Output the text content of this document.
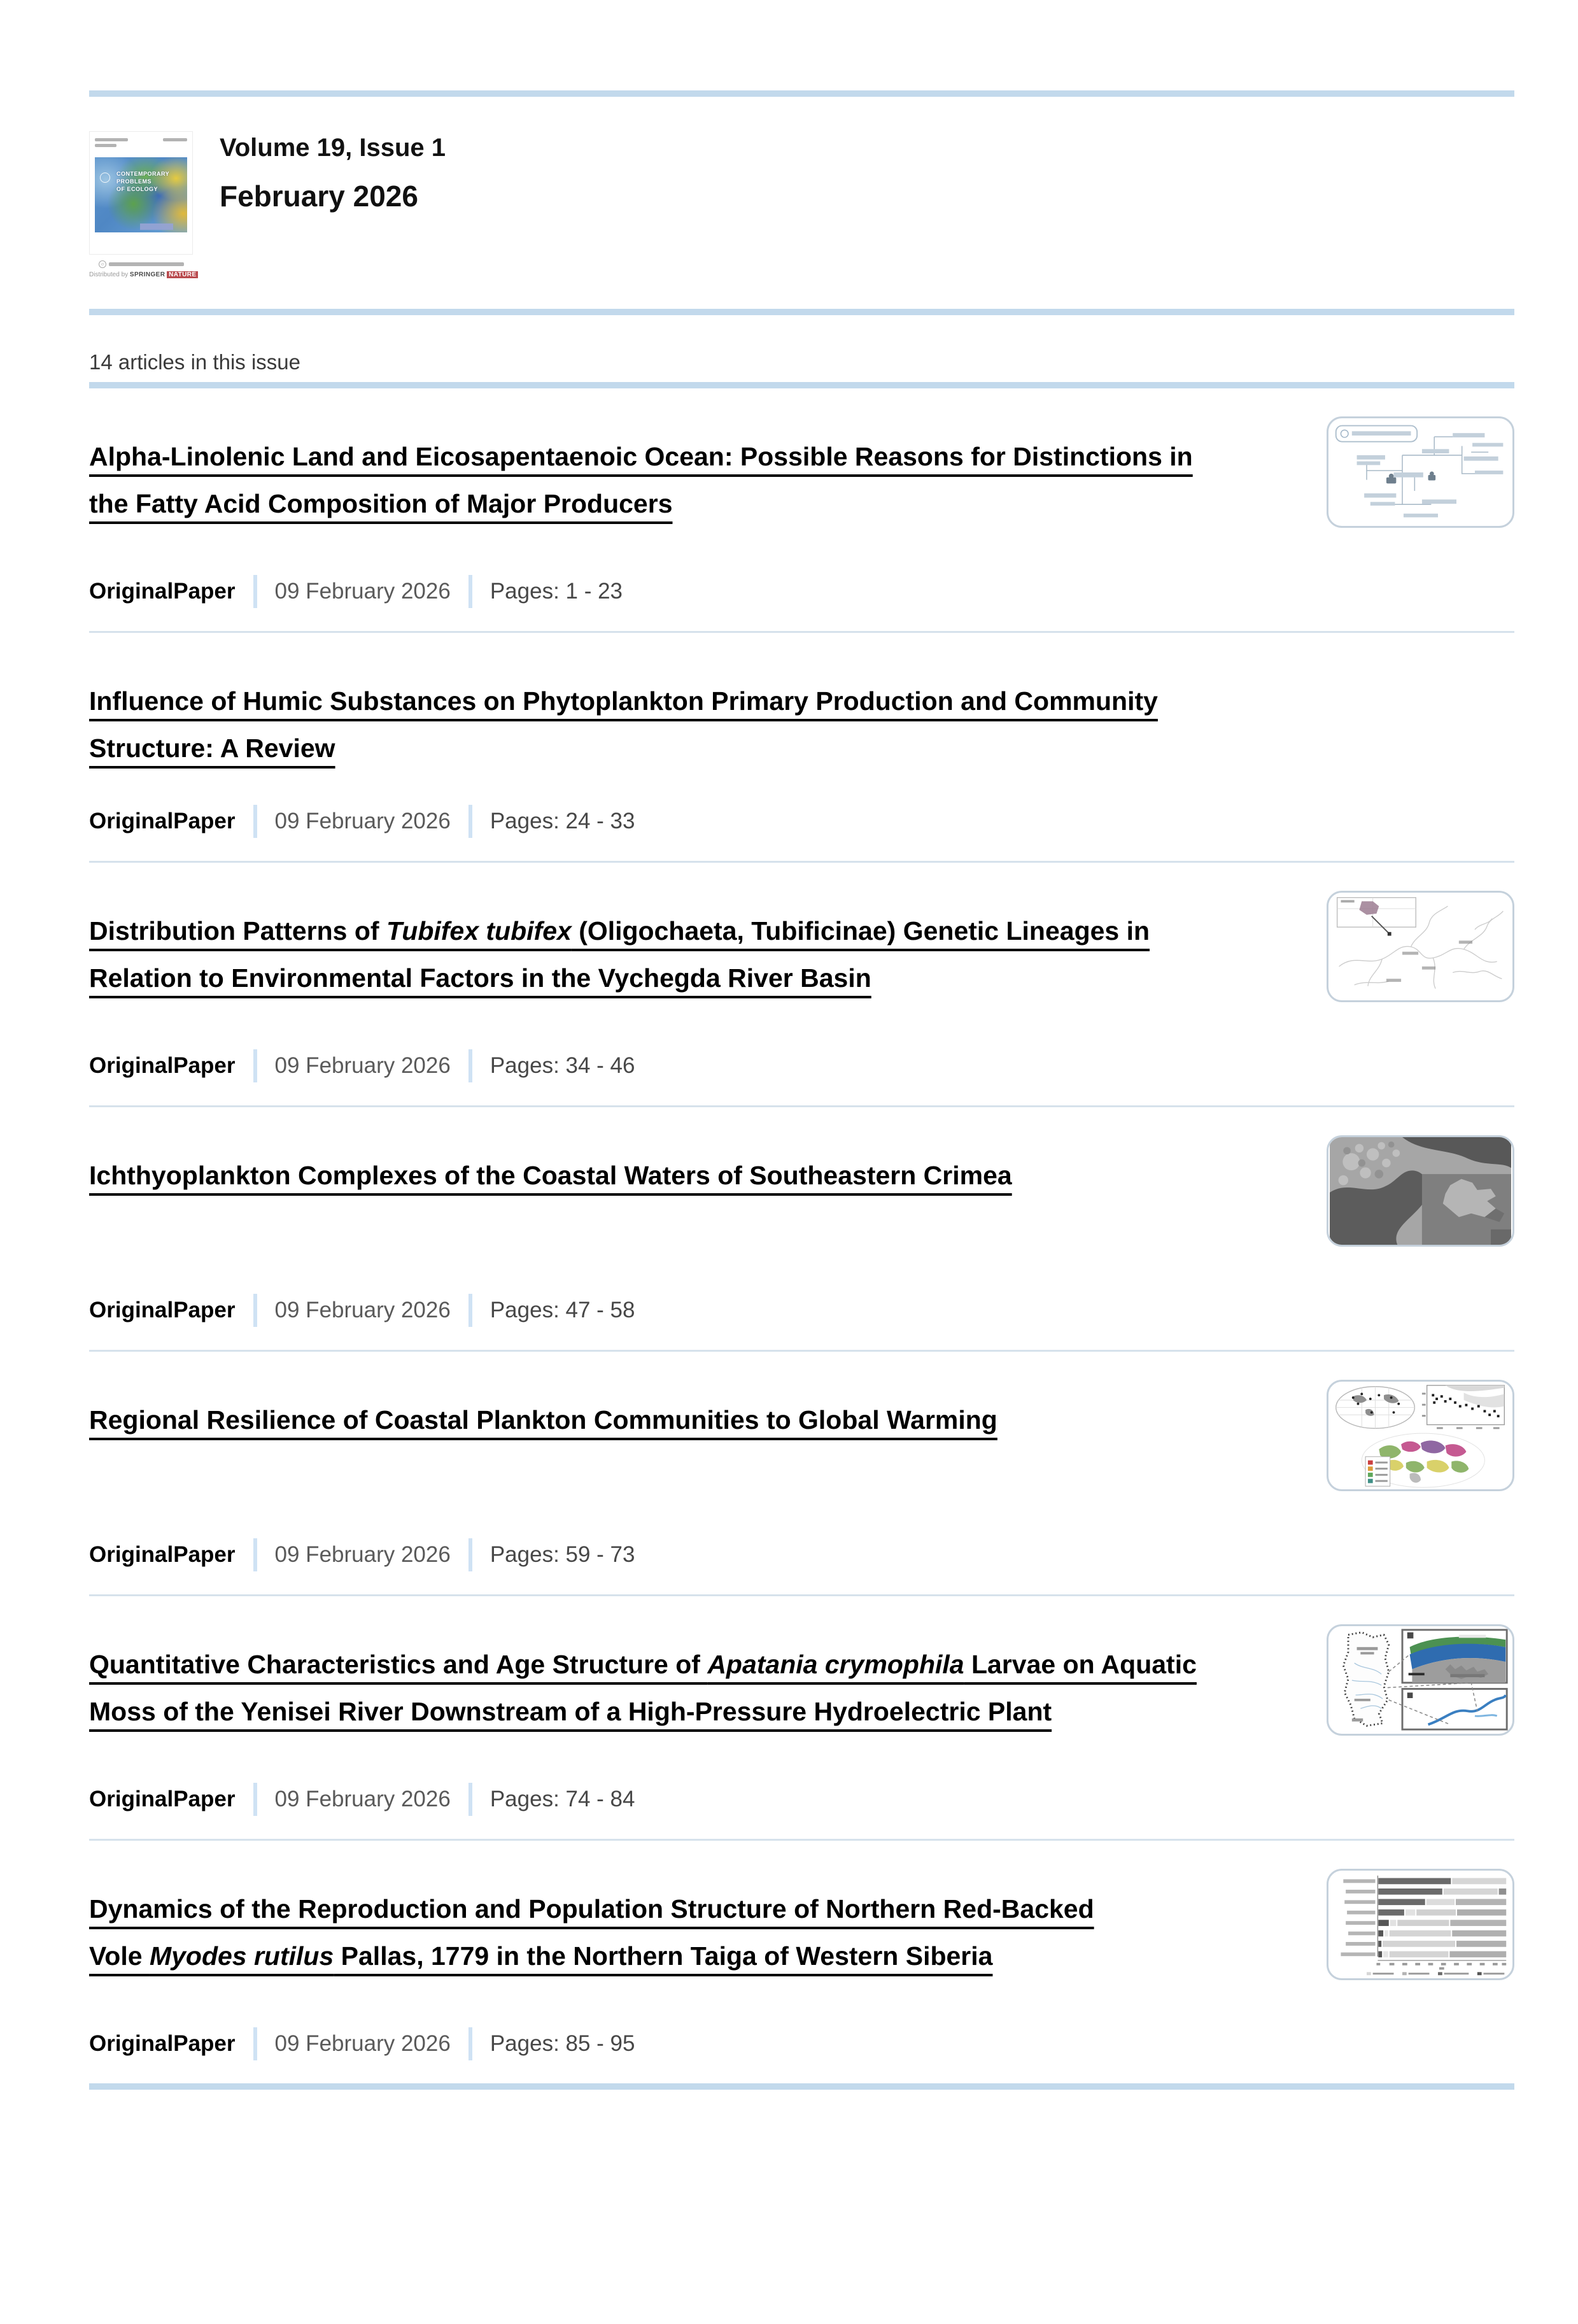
CONTEMPORARY
PROBLEMS
OF ECOLOGY
Distributed by SPRINGER NATURE
Volume 19, Issue 1
February 2026
14 articles in this issue
Alpha-Linolenic Land and Eicosapentaenoic Ocean: Possible Reasons for Distinctions in
the Fatty Acid Composition of Major Producers
OriginalPaper 09 February 2026 Pages: 1 - 23
Influence of Humic Substances on Phytoplankton Primary Production and Community Structure: A Review
OriginalPaper 09 February 2026 Pages: 24 - 33
Distribution Patterns of Tubifex tubifex (Oligochaeta, Tubificinae) Genetic Lineages in
Relation to Environmental Factors in the Vychegda River Basin
OriginalPaper 09 February 2026 Pages: 34 - 46
Ichthyoplankton Complexes of the Coastal Waters of Southeastern Crimea
OriginalPaper 09 February 2026 Pages: 47 - 58
Regional Resilience of Coastal Plankton Communities to Global Warming
OriginalPaper 09 February 2026 Pages: 59 - 73
Quantitative Characteristics and Age Structure of Apatania crymophila Larvae on Aquatic
Moss of the Yenisei River Downstream of a High-Pressure Hydroelectric Plant
OriginalPaper 09 February 2026 Pages: 74 - 84
Dynamics of the Reproduction and Population Structure of Northern Red-Backed
Vole Myodes rutilus Pallas, 1779 in the Northern Taiga of Western Siberia
OriginalPaper 09 February 2026 Pages: 85 - 95
